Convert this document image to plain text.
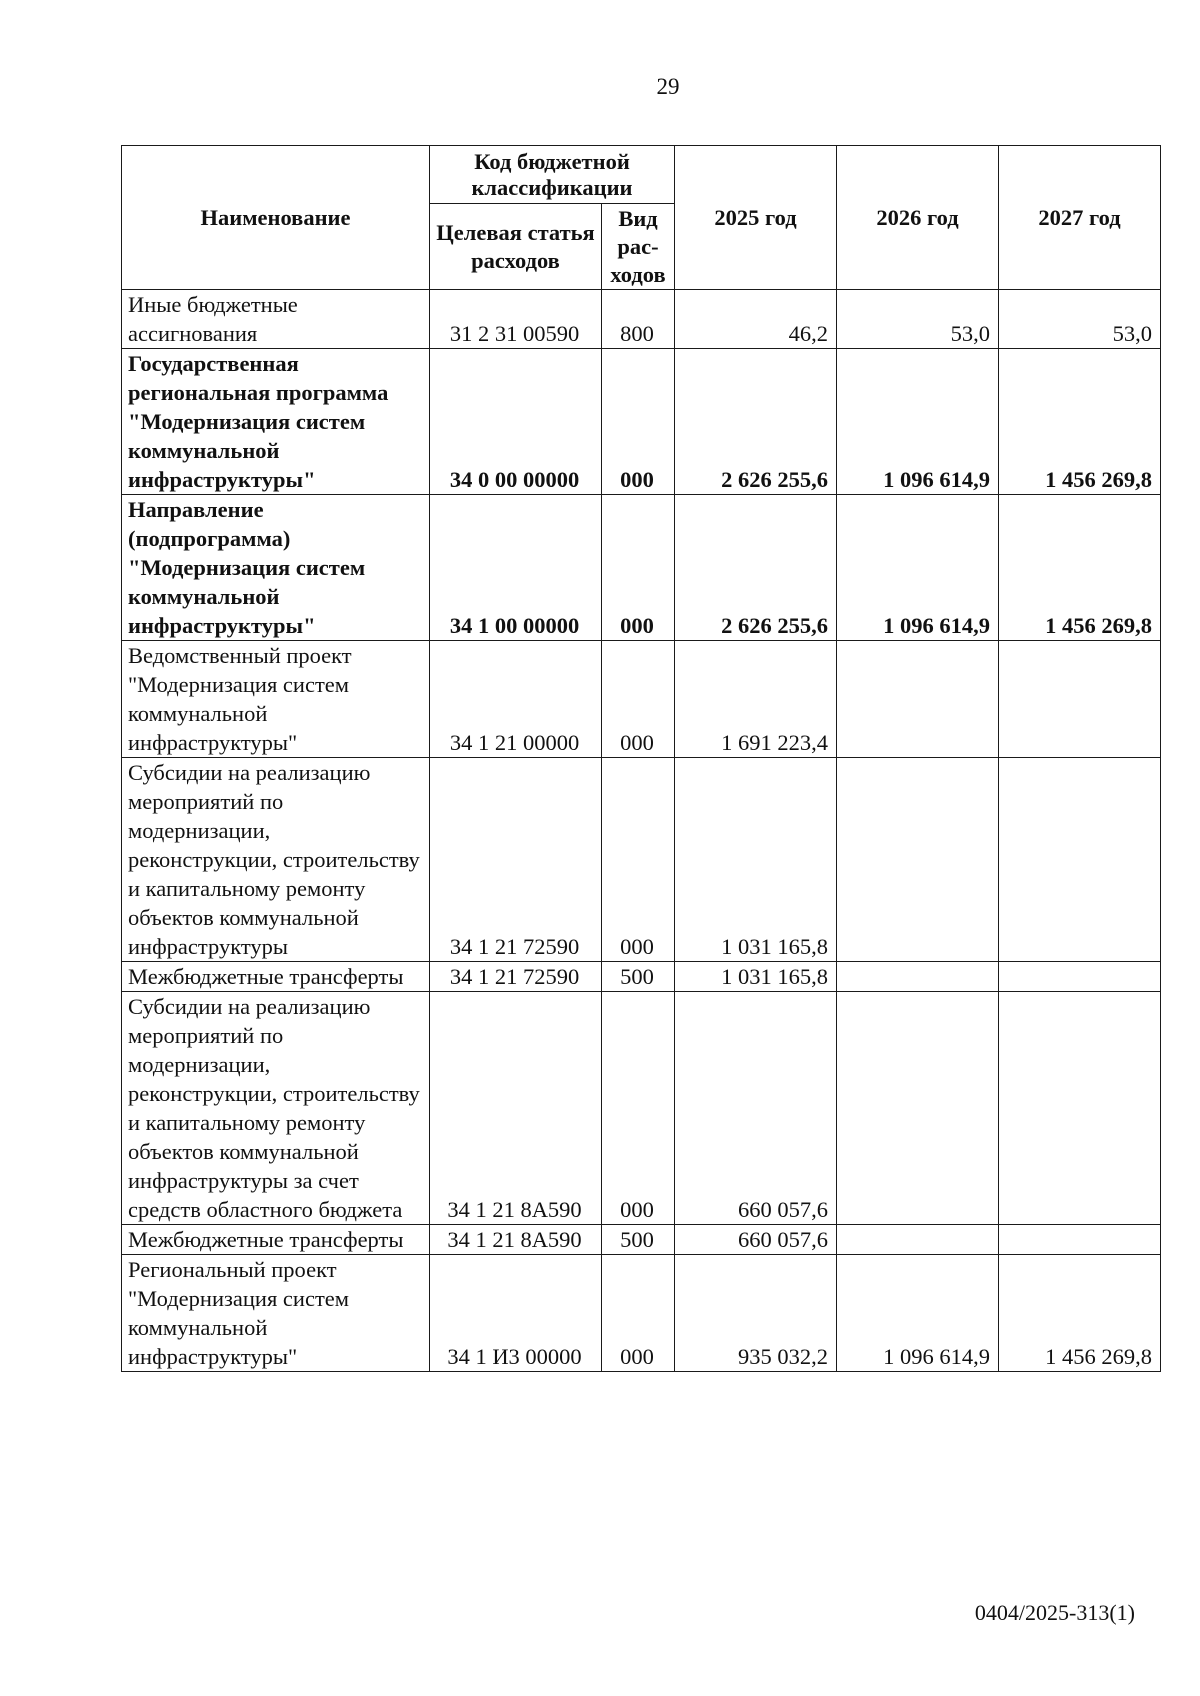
29
Наименование	Код бюджетной классификации		2025 год	2026 год	2027 год
	Целевая статья расходов	Вид рас-ходов			
Иные бюджетные ассигнования	31 2 31 00590	800	46,2	53,0	53,0
Государственная региональная программа "Модернизация систем коммунальной инфраструктуры"	34 0 00 00000	000	2 626 255,6	1 096 614,9	1 456 269,8
Направление (подпрограмма) "Модернизация систем коммунальной инфраструктуры"	34 1 00 00000	000	2 626 255,6	1 096 614,9	1 456 269,8
Ведомственный проект "Модернизация систем коммунальной инфраструктуры"	34 1 21 00000	000	1 691 223,4		
Субсидии на реализацию мероприятий по модернизации, реконструкции, строительству и капитальному ремонту объектов коммунальной инфраструктуры	34 1 21 72590	000	1 031 165,8		
Межбюджетные трансферты	34 1 21 72590	500	1 031 165,8		
Субсидии на реализацию мероприятий по модернизации, реконструкции, строительству и капитальному ремонту объектов коммунальной инфраструктуры за счет средств областного бюджета	34 1 21 8А590	000	660 057,6		
Межбюджетные трансферты	34 1 21 8А590	500	660 057,6		
Региональный проект "Модернизация систем коммунальной инфраструктуры"	34 1 И3 00000	000	935 032,2	1 096 614,9	1 456 269,8
0404/2025-313(1)
